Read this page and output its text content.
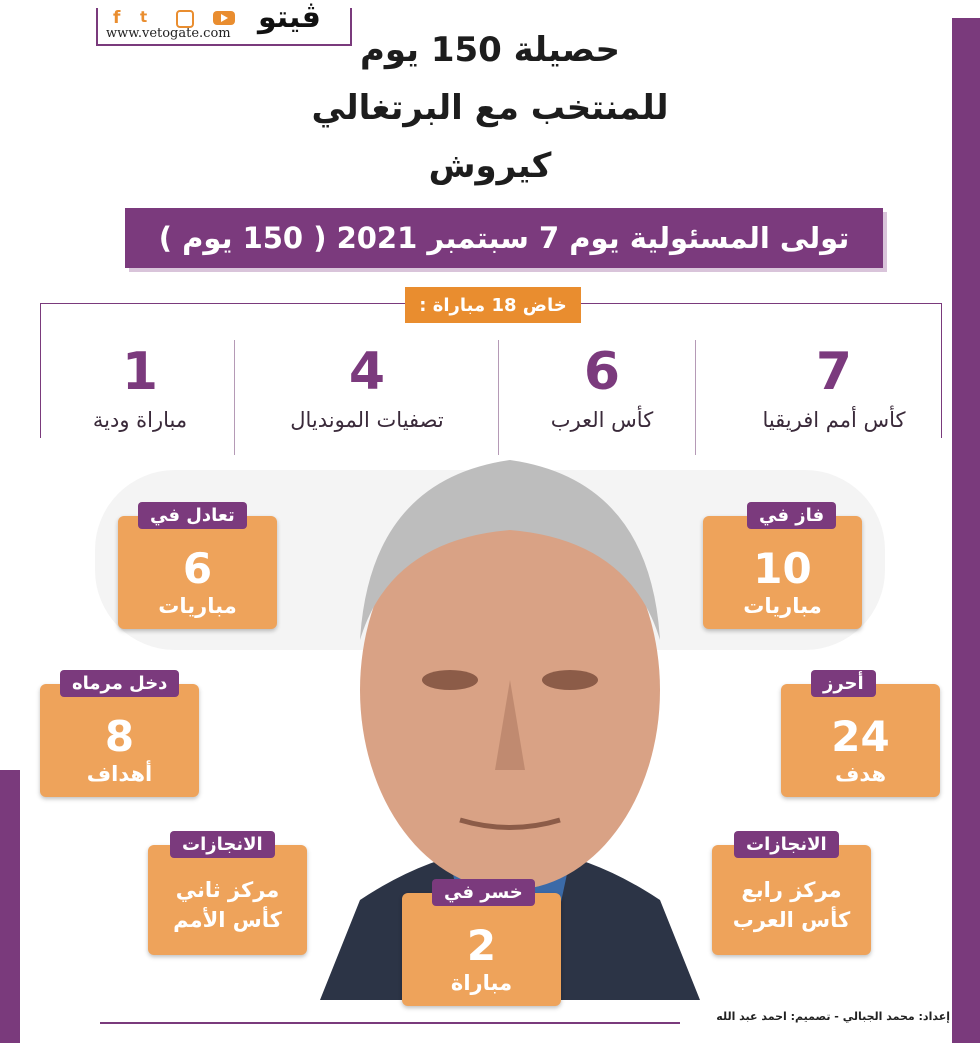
f t
www.vetogate.com ڤيتو
حصيلة 150 يوم
للمنتخب مع البرتغالي
كيروش
تولى المسئولية يوم 7 سبتمبر 2021 ( 150 يوم )
خاض 18 مباراة :
7
كأس أمم افريقيا
6
كأس العرب
4
تصفيات المونديال
1
مباراة ودية
فاز في
10
مباريات
تعادل في
6
مباريات
أحرز
24
هدف
دخل مرماه
8
أهداف
الانجازات
مركز رابع
كأس العرب
الانجازات
مركز ثاني
كأس الأمم
خسر في
2
مباراة
إعداد: محمد الجبالي - تصميم: احمد عبد الله
